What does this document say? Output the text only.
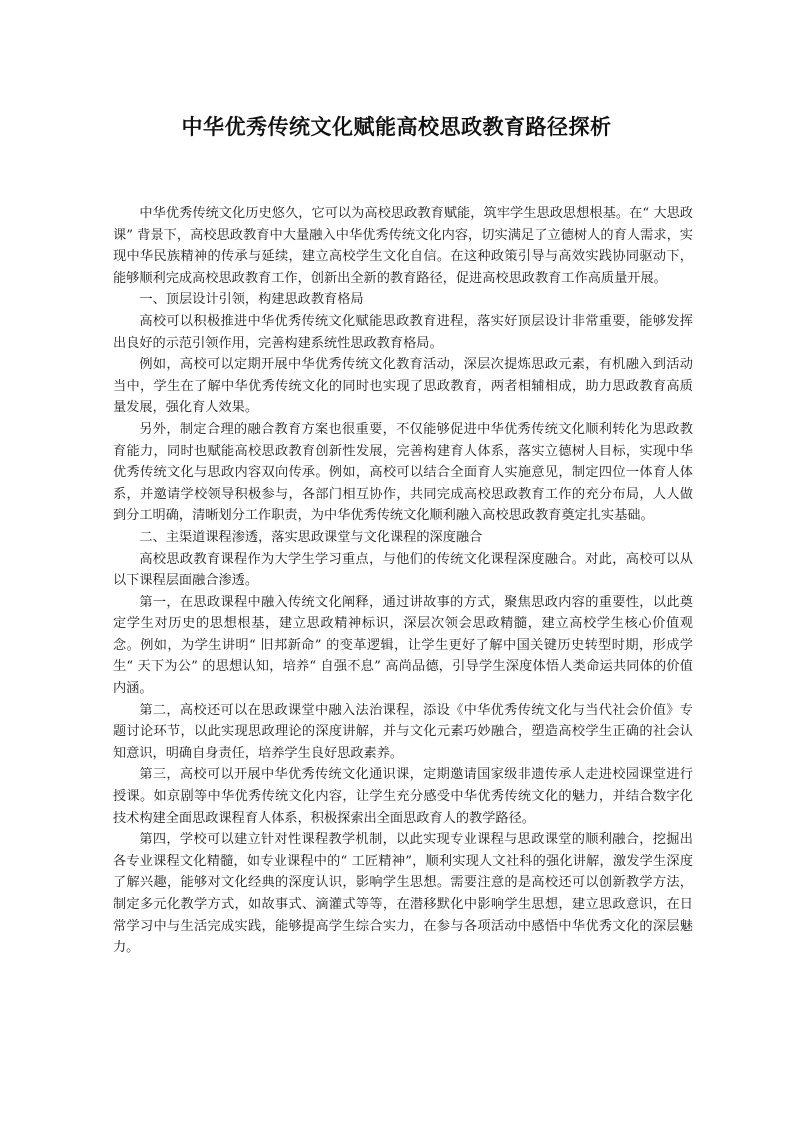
中华优秀传统文化赋能高校思政教育路径探析

中华优秀传统文化历史悠久，它可以为高校思政教育赋能，筑牢学生思政思想根基。在“ 大思政课” 背景下，高校思政教育中大量融入中华优秀传统文化内容，切实满足了立德树人的育人需求，实现中华民族精神的传承与延续，建立高校学生文化自信。在这种政策引导与高效实践协同驱动下，能够顺利完成高校思政教育工作，创新出全新的教育路径，促进高校思政教育工作高质量开展。

一、顶层设计引领，构建思政教育格局

高校可以积极推进中华优秀传统文化赋能思政教育进程，落实好顶层设计非常重要，能够发挥出良好的示范引领作用，完善构建系统性思政教育格局。

例如，高校可以定期开展中华优秀传统文化教育活动，深层次提炼思政元素，有机融入到活动当中，学生在了解中华优秀传统文化的同时也实现了思政教育，两者相辅相成，助力思政教育高质量发展，强化育人效果。

另外，制定合理的融合教育方案也很重要，不仅能够促进中华优秀传统文化顺利转化为思政教育能力，同时也赋能高校思政教育创新性发展，完善构建育人体系，落实立德树人目标，实现中华优秀传统文化与思政内容双向传承。例如，高校可以结合全面育人实施意见，制定四位一体育人体系，并邀请学校领导积极参与，各部门相互协作，共同完成高校思政教育工作的充分布局，人人做到分工明确，清晰划分工作职责，为中华优秀传统文化顺利融入高校思政教育奠定扎实基础。

二、主渠道课程渗透，落实思政课堂与文化课程的深度融合

高校思政教育课程作为大学生学习重点，与他们的传统文化课程深度融合。对此，高校可以从以下课程层面融合渗透。

第一，在思政课程中融入传统文化阐释，通过讲故事的方式，聚焦思政内容的重要性，以此奠定学生对历史的思想根基，建立思政精神标识，深层次领会思政精髓，建立高校学生核心价值观念。例如，为学生讲明“ 旧邦新命” 的变革逻辑，让学生更好了解中国关键历史转型时期，形成学生“ 天下为公” 的思想认知，培养“ 自强不息” 高尚品德，引导学生深度体悟人类命运共同体的价值内涵。

第二，高校还可以在思政课堂中融入法治课程，添设《中华优秀传统文化与当代社会价值》专题讨论环节，以此实现思政理论的深度讲解，并与文化元素巧妙融合，塑造高校学生正确的社会认知意识，明确自身责任，培养学生良好思政素养。

第三，高校可以开展中华优秀传统文化通识课，定期邀请国家级非遗传承人走进校园课堂进行授课。如京剧等中华优秀传统文化内容，让学生充分感受中华优秀传统文化的魅力，并结合数字化技术构建全面思政课程育人体系，积极探索出全面思政育人的教学路径。

第四，学校可以建立针对性课程教学机制，以此实现专业课程与思政课堂的顺利融合，挖掘出各专业课程文化精髓，如专业课程中的“ 工匠精神”，顺利实现人文社科的强化讲解，激发学生深度了解兴趣，能够对文化经典的深度认识，影响学生思想。需要注意的是高校还可以创新教学方法，制定多元化教学方式，如故事式、滴灌式等等，在潜移默化中影响学生思想，建立思政意识，在日常学习中与生活完成实践，能够提高学生综合实力，在参与各项活动中感悟中华优秀文化的深层魅力。
